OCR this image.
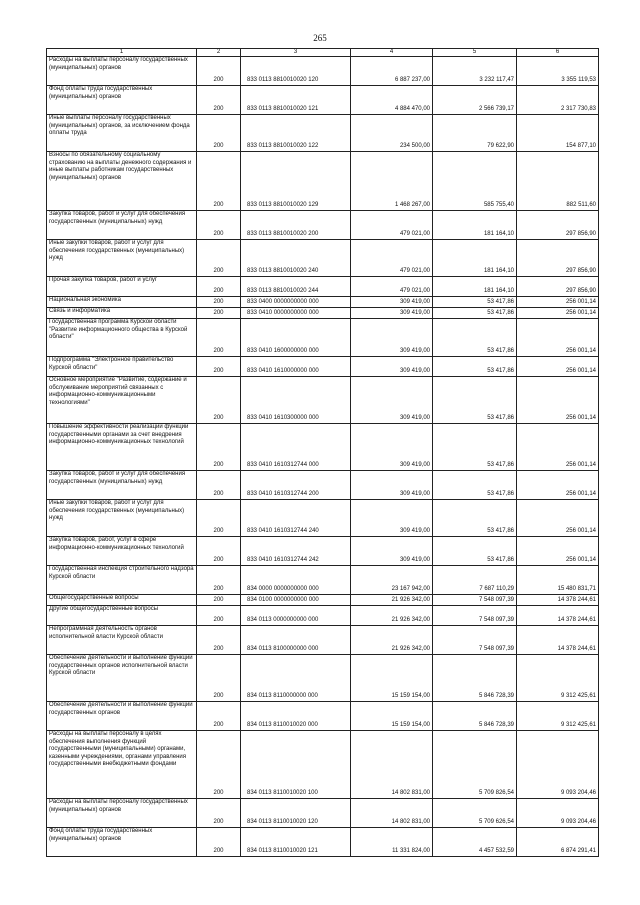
265
1	2	3	4	5	6
Расходы на выплаты персоналу государственных (муниципальных) органов	200	833 0113 8810010020 120	6 887 237,00	3 232 117,47	3 355 119,53
Фонд оплаты труда государственных (муниципальных) органов	200	833 0113 8810010020 121	4 884 470,00	2 566 739,17	2 317 730,83
Иные выплаты персоналу государственных (муниципальных) органов, за исключением фонда оплаты труда	200	833 0113 8810010020 122	234 500,00	79 622,90	154 877,10
Взносы по обязательному социальному страхованию на выплаты денежного содержания и иные выплаты работникам государственных (муниципальных) органов	200	833 0113 8810010020 129	1 468 267,00	585 755,40	882 511,60
Закупка товаров, работ и услуг для обеспечения государственных (муниципальных) нужд	200	833 0113 8810010020 200	479 021,00	181 164,10	297 856,90
Иные закупки товаров, работ и услуг для обеспечения государственных (муниципальных) нужд	200	833 0113 8810010020 240	479 021,00	181 164,10	297 856,90
Прочая закупка товаров, работ и услуг	200	833 0113 8810010020 244	479 021,00	181 164,10	297 856,90
Национальная экономика	200	833 0400 0000000000 000	309 419,00	53 417,86	256 001,14
Связь и информатика	200	833 0410 0000000000 000	309 419,00	53 417,86	256 001,14
Государственная программа Курской области "Развитие информационного общества в Курской области"	200	833 0410 1600000000 000	309 419,00	53 417,86	256 001,14
Подпрограмма "Электронное правительство Курской области"	200	833 0410 1610000000 000	309 419,00	53 417,86	256 001,14
Основное мероприятие "Развитие, содержание и обслуживание мероприятий связанных с информационно-коммуникационными технологиями"	200	833 0410 1610300000 000	309 419,00	53 417,86	256 001,14
Повышение эффективности реализации функций государственными органами за счет внедрения информационно-коммуникационных технологий	200	833 0410 1610312744 000	309 419,00	53 417,86	256 001,14
Закупка товаров, работ и услуг для обеспечения государственных (муниципальных) нужд	200	833 0410 1610312744 200	309 419,00	53 417,86	256 001,14
Иные закупки товаров, работ и услуг для обеспечения государственных (муниципальных) нужд	200	833 0410 1610312744 240	309 419,00	53 417,86	256 001,14
Закупка товаров, работ, услуг в сфере информационно-коммуникационных технологий	200	833 0410 1610312744 242	309 419,00	53 417,86	256 001,14
Государственная инспекция строительного надзора Курской области	200	834 0000 0000000000 000	23 167 942,00	7 687 110,29	15 480 831,71
Общегосударственные вопросы	200	834 0100 0000000000 000	21 926 342,00	7 548 097,39	14 378 244,61
Другие общегосударственные вопросы	200	834 0113 0000000000 000	21 926 342,00	7 548 097,39	14 378 244,61
Непрограммная деятельность органов исполнительной власти Курской области	200	834 0113 8100000000 000	21 926 342,00	7 548 097,39	14 378 244,61
Обеспечение деятельности и выполнение функций государственных органов исполнительной власти Курской области	200	834 0113 8110000000 000	15 159 154,00	5 846 728,39	9 312 425,61
Обеспечение деятельности и выполнение функций государственных органов	200	834 0113 8110010020 000	15 159 154,00	5 846 728,39	9 312 425,61
Расходы на выплаты персоналу в целях обеспечения выполнения функций государственными (муниципальными) органами, казенными учреждениями, органами управления государственными внебюджетными фондами	200	834 0113 8110010020 100	14 802 831,00	5 709 826,54	9 093 204,46
Расходы на выплаты персоналу государственных (муниципальных) органов	200	834 0113 8110010020 120	14 802 831,00	5 709 626,54	9 093 204,46
Фонд оплаты труда государственных (муниципальных) органов	200	834 0113 8110010020 121	11 331 824,00	4 457 532,59	6 874 291,41
